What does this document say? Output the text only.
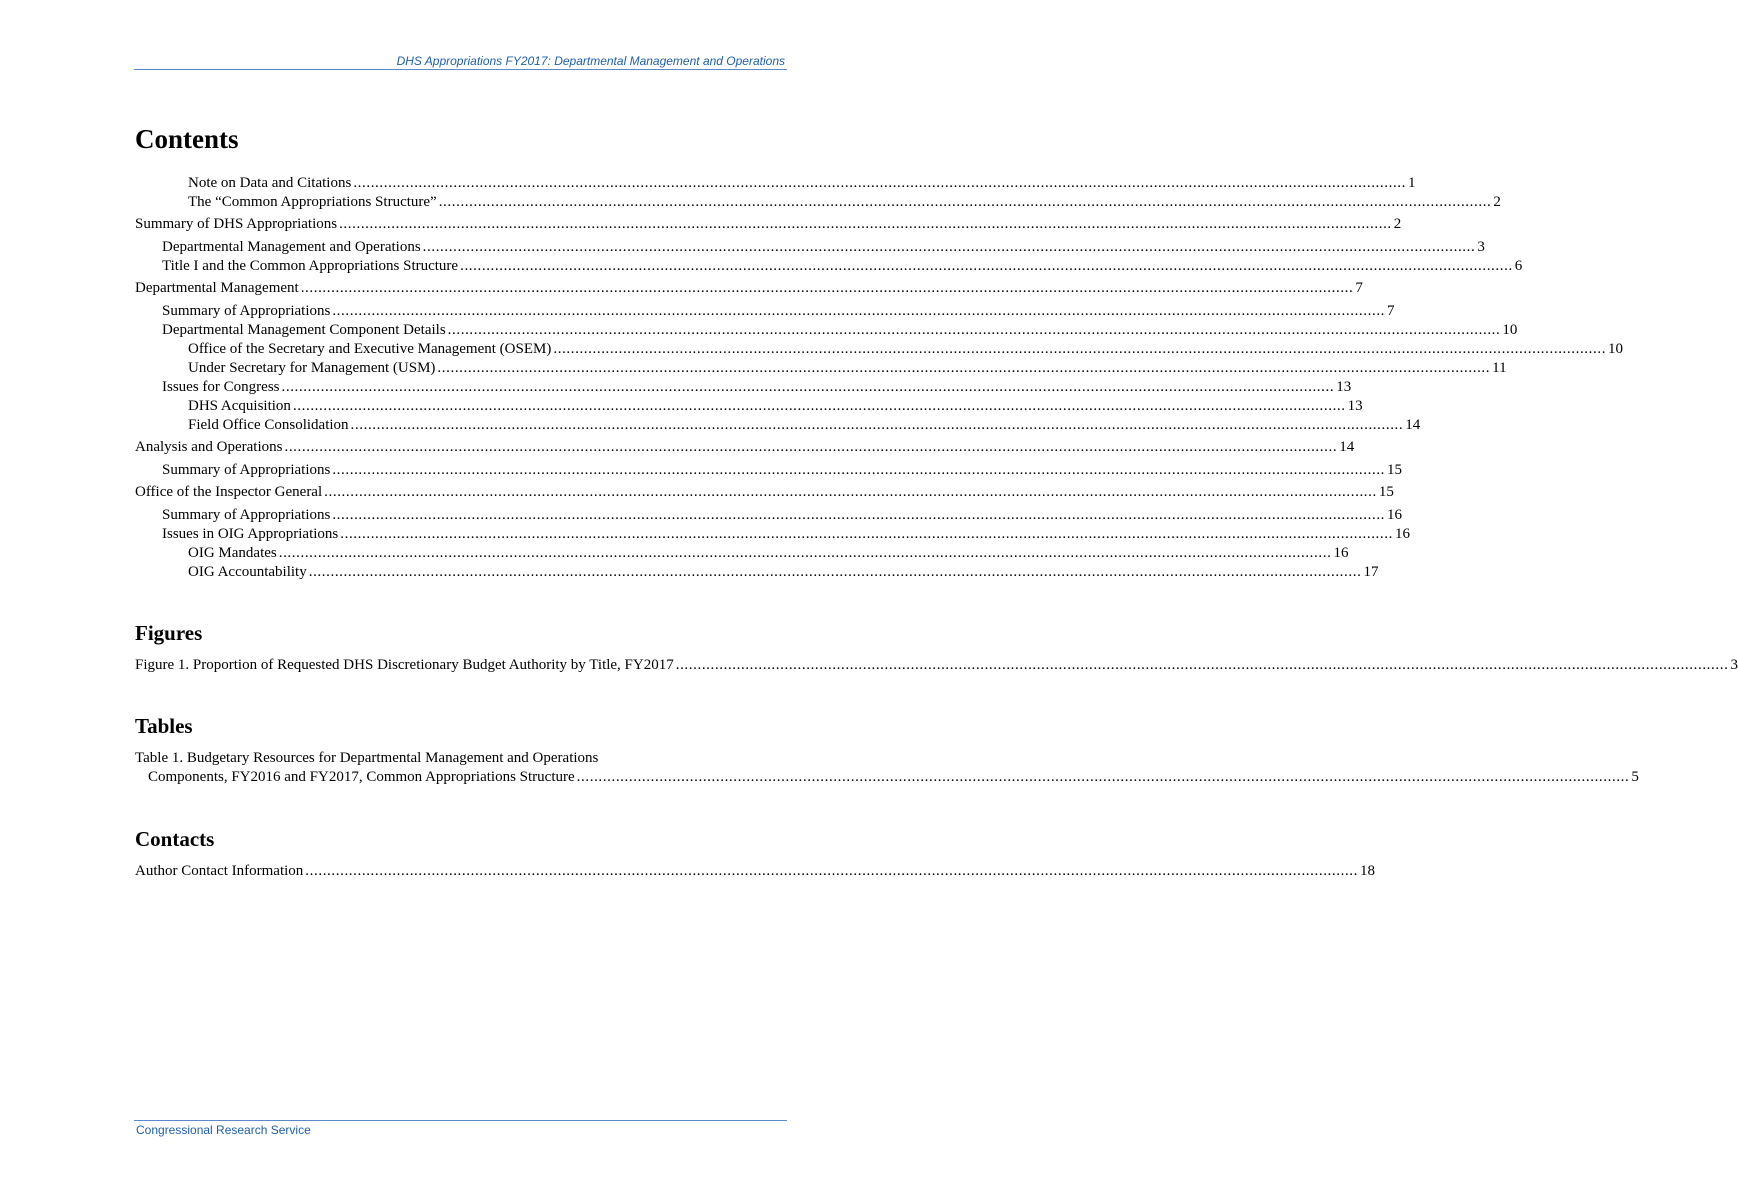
DHS Appropriations FY2017: Departmental Management and Operations
Contents
Note on Data and Citations .....	1
The “Common Appropriations Structure” .....	2
Summary of DHS Appropriations .....	2
Departmental Management and Operations .....	3
Title I and the Common Appropriations Structure .....	6
Departmental Management .....	7
Summary of Appropriations .....	7
Departmental Management Component Details .....	10
Office of the Secretary and Executive Management (OSEM) .....	10
Under Secretary for Management (USM) .....	11
Issues for Congress .....	13
DHS Acquisition .....	13
Field Office Consolidation .....	14
Analysis and Operations .....	14
Summary of Appropriations .....	15
Office of the Inspector General .....	15
Summary of Appropriations .....	16
Issues in OIG Appropriations .....	16
OIG Mandates .....	16
OIG Accountability .....	17
Figures
Figure 1. Proportion of Requested DHS Discretionary Budget Authority by Title, FY2017 .....	3
Tables
Table 1. Budgetary Resources for Departmental Management and Operations
Components, FY2016 and FY2017, Common Appropriations Structure .....	5
Contacts
Author Contact Information .....	18
Congressional Research Service
